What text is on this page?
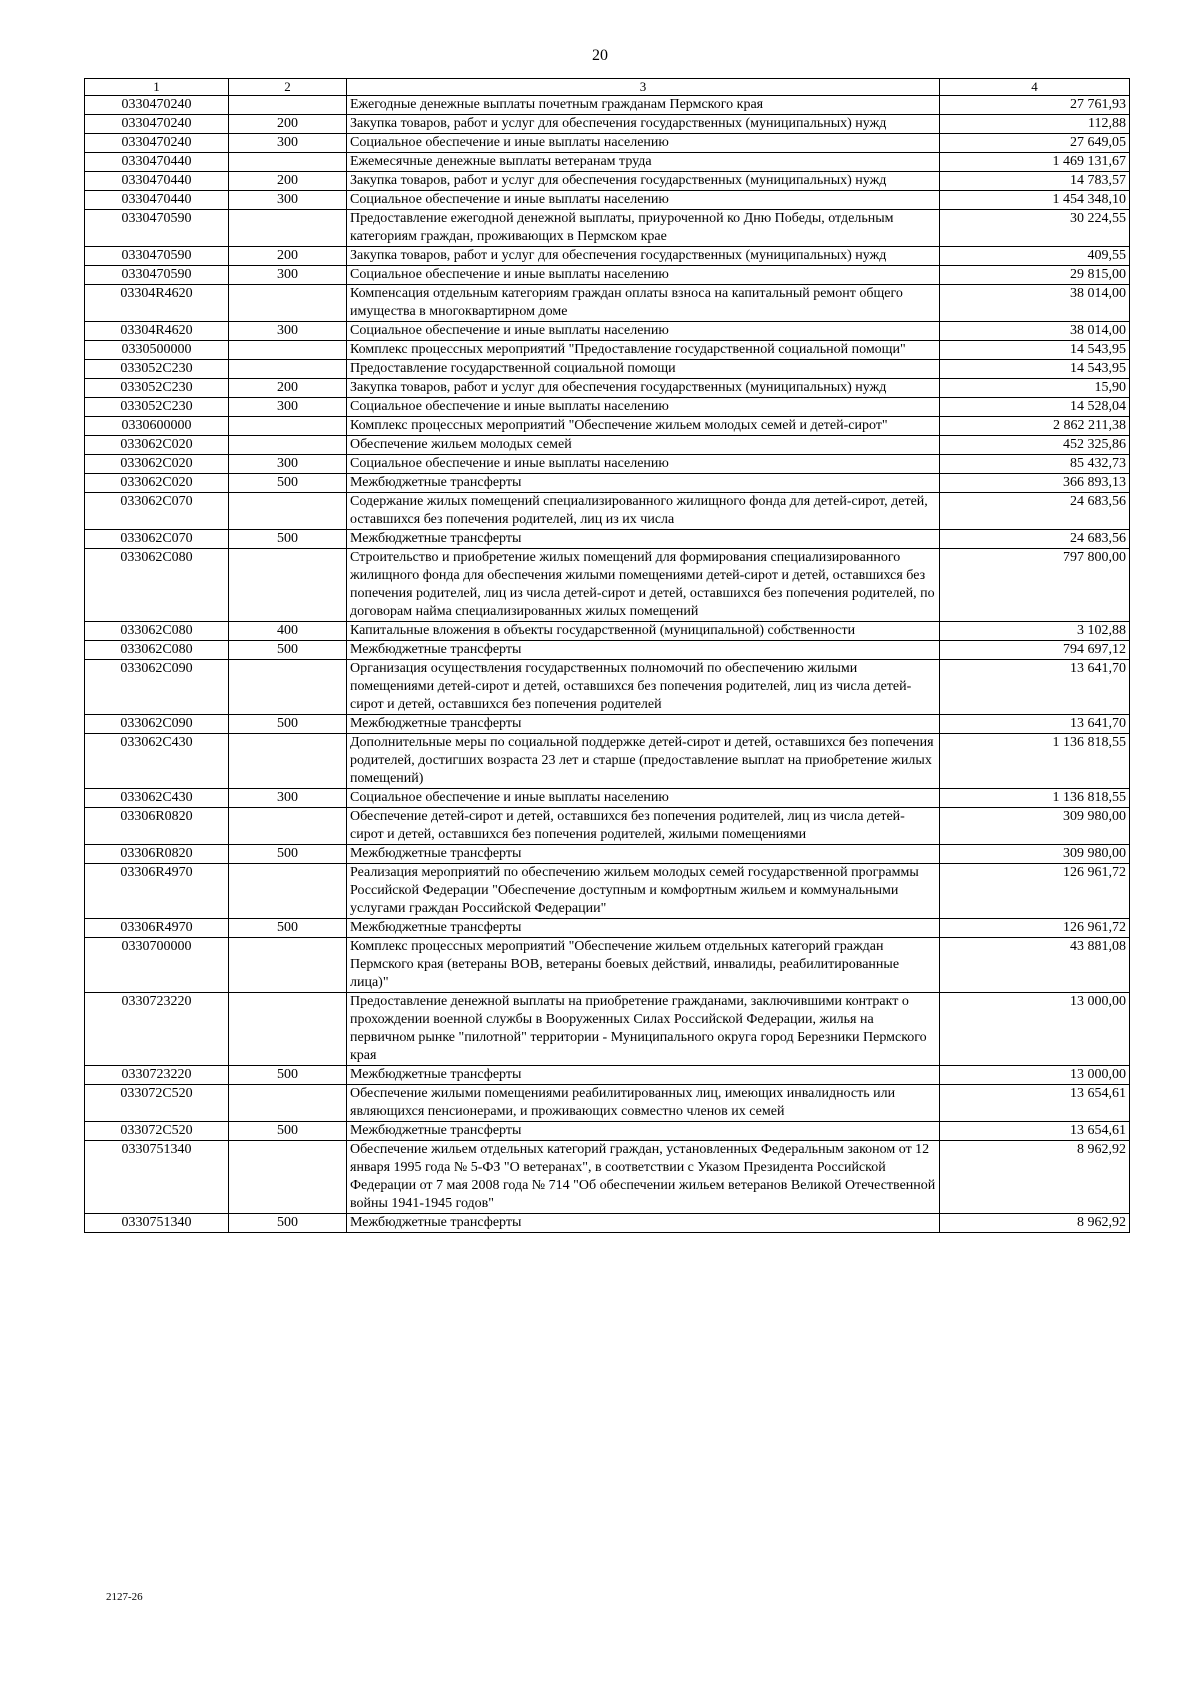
20
1	2	3	4
0330470240		Ежегодные денежные выплаты почетным гражданам Пермского края	27 761,93
0330470240	200	Закупка товаров, работ и услуг для обеспечения государственных (муниципальных) нужд	112,88
0330470240	300	Социальное обеспечение и иные выплаты населению	27 649,05
0330470440		Ежемесячные денежные выплаты ветеранам труда	1 469 131,67
0330470440	200	Закупка товаров, работ и услуг для обеспечения государственных (муниципальных) нужд	14 783,57
0330470440	300	Социальное обеспечение и иные выплаты населению	1 454 348,10
0330470590		Предоставление ежегодной денежной выплаты, приуроченной ко Дню Победы, отдельным категориям граждан, проживающих в Пермском крае	30 224,55
0330470590	200	Закупка товаров, работ и услуг для обеспечения государственных (муниципальных) нужд	409,55
0330470590	300	Социальное обеспечение и иные выплаты населению	29 815,00
03304R4620		Компенсация отдельным категориям граждан оплаты взноса на капитальный ремонт общего имущества в многоквартирном доме	38 014,00
03304R4620	300	Социальное обеспечение и иные выплаты населению	38 014,00
0330500000		Комплекс процессных мероприятий "Предоставление государственной социальной помощи"	14 543,95
033052C230		Предоставление государственной социальной помощи	14 543,95
033052C230	200	Закупка товаров, работ и услуг для обеспечения государственных (муниципальных) нужд	15,90
033052C230	300	Социальное обеспечение и иные выплаты населению	14 528,04
0330600000		Комплекс процессных мероприятий "Обеспечение жильем молодых семей и детей-сирот"	2 862 211,38
033062C020		Обеспечение жильем молодых семей	452 325,86
033062C020	300	Социальное обеспечение и иные выплаты населению	85 432,73
033062C020	500	Межбюджетные трансферты	366 893,13
033062C070		Содержание жилых помещений специализированного жилищного фонда для детей-сирот, детей, оставшихся без попечения родителей, лиц из их числа	24 683,56
033062C070	500	Межбюджетные трансферты	24 683,56
033062C080		Строительство и приобретение жилых помещений для формирования специализированного жилищного фонда для обеспечения жилыми помещениями детей-сирот и детей, оставшихся без попечения родителей, лиц из числа детей-сирот и детей, оставшихся без попечения родителей, по договорам найма специализированных жилых помещений	797 800,00
033062C080	400	Капитальные вложения в объекты государственной (муниципальной) собственности	3 102,88
033062C080	500	Межбюджетные трансферты	794 697,12
033062C090		Организация осуществления государственных полномочий по обеспечению жилыми помещениями детей-сирот и детей, оставшихся без попечения родителей, лиц из числа детей-сирот и детей, оставшихся без попечения родителей	13 641,70
033062C090	500	Межбюджетные трансферты	13 641,70
033062C430		Дополнительные меры по социальной поддержке детей-сирот и детей, оставшихся без попечения родителей, достигших возраста 23 лет и старше (предоставление выплат на приобретение жилых помещений)	1 136 818,55
033062C430	300	Социальное обеспечение и иные выплаты населению	1 136 818,55
03306R0820		Обеспечение детей-сирот и детей, оставшихся без попечения родителей, лиц из числа детей-сирот и детей, оставшихся без попечения родителей, жилыми помещениями	309 980,00
03306R0820	500	Межбюджетные трансферты	309 980,00
03306R4970		Реализация мероприятий по обеспечению жильем молодых семей государственной программы Российской Федерации "Обеспечение доступным и комфортным жильем и коммунальными услугами граждан Российской Федерации"	126 961,72
03306R4970	500	Межбюджетные трансферты	126 961,72
0330700000		Комплекс процессных мероприятий "Обеспечение жильем отдельных категорий граждан Пермского края (ветераны ВОВ, ветераны боевых действий, инвалиды, реабилитированные лица)"	43 881,08
0330723220		Предоставление денежной выплаты на приобретение гражданами, заключившими контракт о прохождении военной службы в Вооруженных Силах Российской Федерации, жилья на первичном рынке "пилотной" территории - Муниципального округа город Березники Пермского края	13 000,00
0330723220	500	Межбюджетные трансферты	13 000,00
033072C520		Обеспечение жилыми помещениями реабилитированных лиц, имеющих инвалидность или являющихся пенсионерами, и проживающих совместно членов их семей	13 654,61
033072C520	500	Межбюджетные трансферты	13 654,61
0330751340		Обеспечение жильем отдельных категорий граждан, установленных Федеральным законом от 12 января 1995 года № 5-ФЗ "О ветеранах", в соответствии с Указом Президента Российской Федерации от 7 мая 2008 года № 714 "Об обеспечении жильем ветеранов Великой Отечественной войны 1941-1945 годов"	8 962,92
0330751340	500	Межбюджетные трансферты	8 962,92
2127-26
